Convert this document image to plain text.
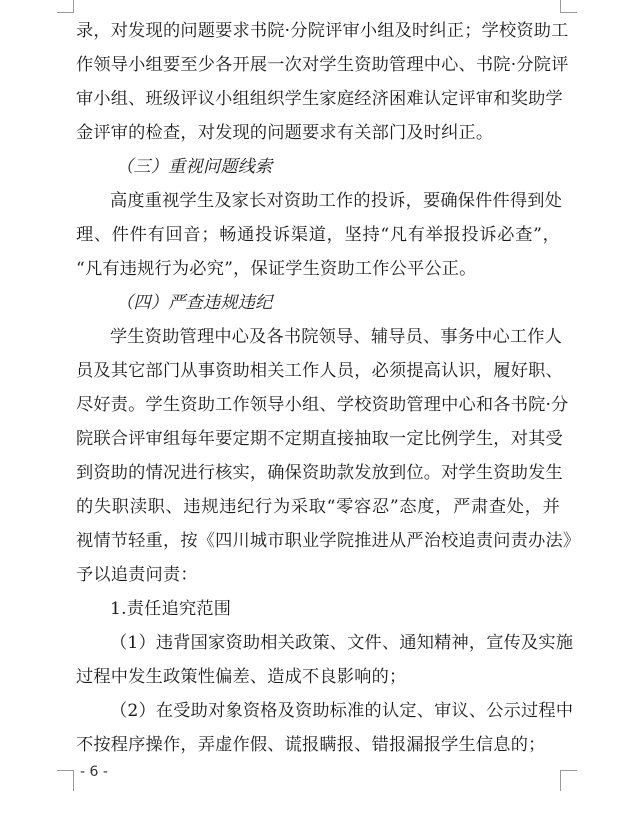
录，对发现的问题要求书院·分院评审小组及时纠正；学校资助工
作领导小组要至少各开展一次对学生资助管理中心、书院·分院评
审小组、班级评议小组组织学生家庭经济困难认定评审和奖助学
金评审的检查，对发现的问题要求有关部门及时纠正。
（三）重视问题线索
高度重视学生及家长对资助工作的投诉，要确保件件得到处
理、件件有回音；畅通投诉渠道，坚持“凡有举报投诉必查”，
“凡有违规行为必究”，保证学生资助工作公平公正。
（四）严查违规违纪
学生资助管理中心及各书院领导、辅导员、事务中心工作人
员及其它部门从事资助相关工作人员，必须提高认识，履好职、
尽好责。学生资助工作领导小组、学校资助管理中心和各书院·分
院联合评审组每年要定期不定期直接抽取一定比例学生，对其受
到资助的情况进行核实，确保资助款发放到位。对学生资助发生
的失职渎职、违规违纪行为采取“零容忍”态度，严肃查处，并
视情节轻重，按《四川城市职业学院推进从严治校追责问责办法》
予以追责问责：
1.责任追究范围
（1）违背国家资助相关政策、文件、通知精神，宣传及实施
过程中发生政策性偏差、造成不良影响的；
（2）在受助对象资格及资助标准的认定、审议、公示过程中
不按程序操作，弄虚作假、谎报瞒报、错报漏报学生信息的；
- 6 -
